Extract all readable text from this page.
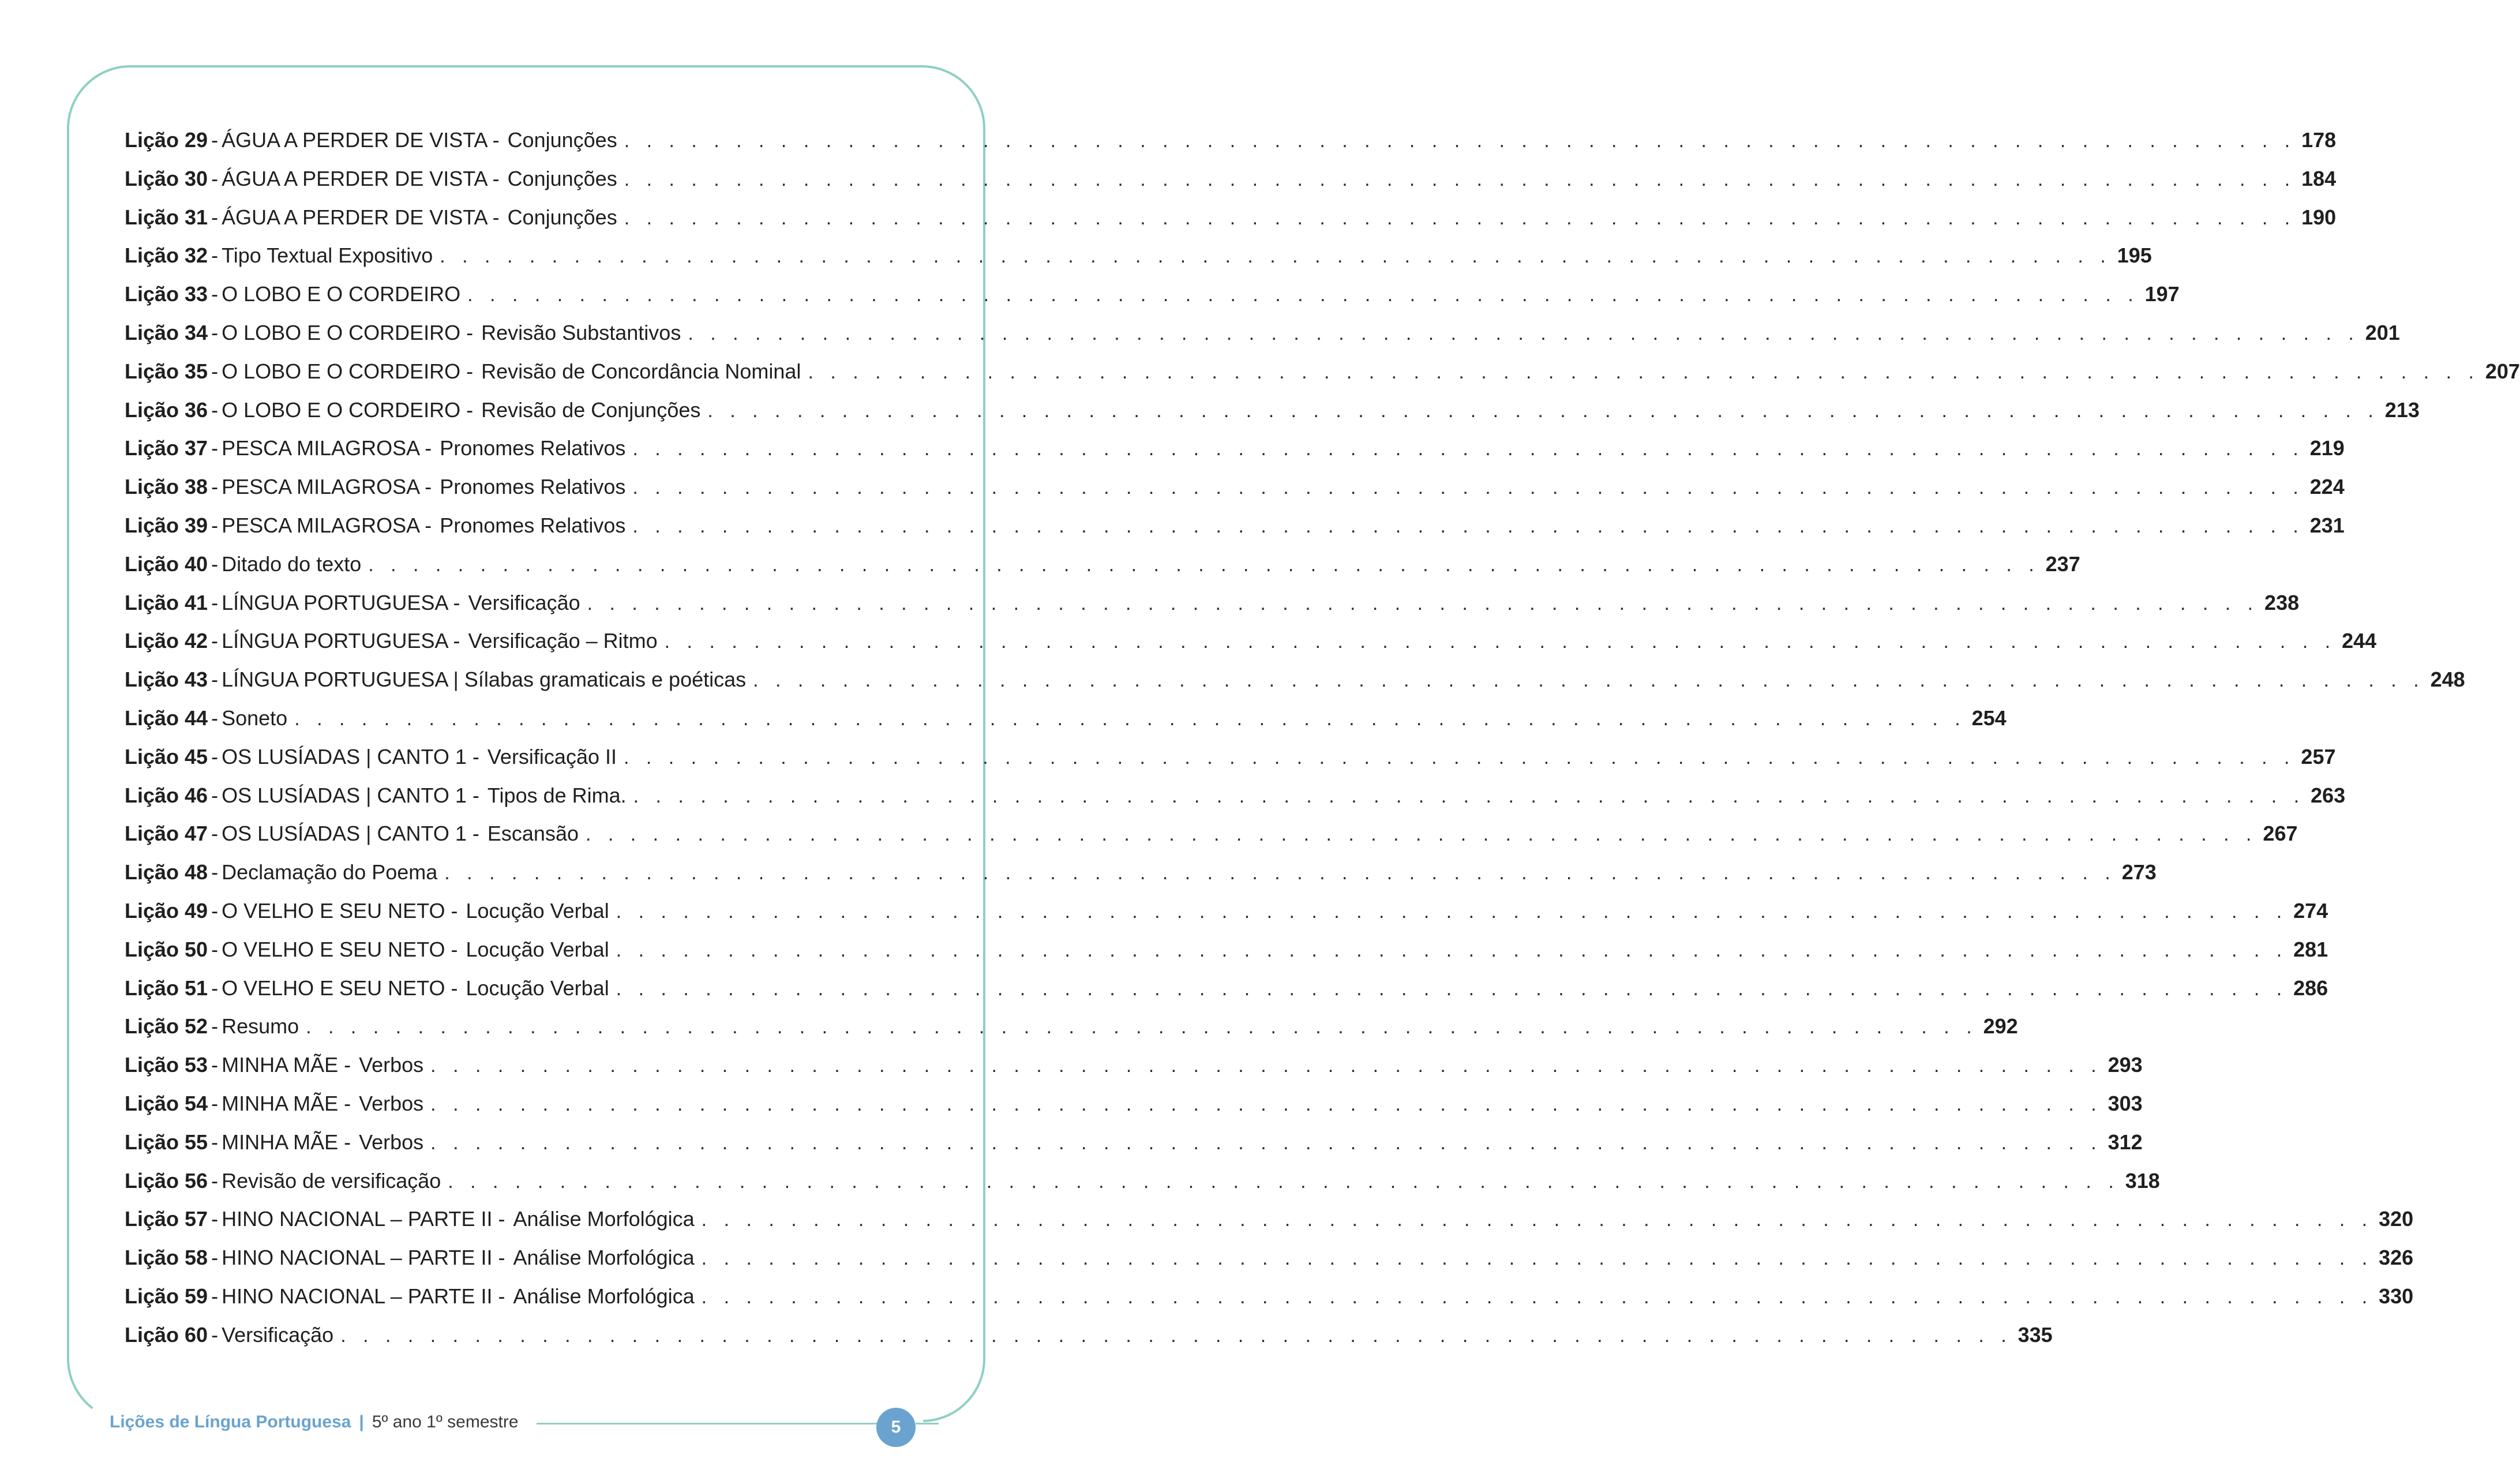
Lição 29 - ÁGUA A PERDER DE VISTA - Conjunções . . . . . . . . . . . . . . . . . . . . . . . . . . . . . . . . . . . . . . . . . . . . . . . . . . . . . . . . . . . . . . . . . . . . . . . . . . . 178
Lição 30 - ÁGUA A PERDER DE VISTA - Conjunções . . . . . . . . . . . . . . . . . . . . . . . . . . . . . . . . . . . . . . . . . . . . . . . . . . . . . . . . . . . . . . . . . . . . . . . . . . . 184
Lição 31 - ÁGUA A PERDER DE VISTA - Conjunções . . . . . . . . . . . . . . . . . . . . . . . . . . . . . . . . . . . . . . . . . . . . . . . . . . . . . . . . . . . . . . . . . . . . . . . . . . . 190
Lição 32 - Tipo Textual Expositivo . . . . . . . . . . . . . . . . . . . . . . . . . . . . . . . . . . . . . . . . . . . . . . . . . . . . . . . . . . . . . . . . . . . . . . . . . . . 195
Lição 33 - O LOBO E O CORDEIRO . . . . . . . . . . . . . . . . . . . . . . . . . . . . . . . . . . . . . . . . . . . . . . . . . . . . . . . . . . . . . . . . . . . . . . . . . . . 197
Lição 34 - O LOBO E O CORDEIRO - Revisão Substantivos . . . . . . . . . . . . . . . . . . . . . . . . . . . . . . . . . . . . . . . . . . . . . . . . . . . . . . . . . . . . . . . . . . . . . . . . . . . 201
Lição 35 - O LOBO E O CORDEIRO - Revisão de Concordância Nominal . . . . . . . . . . . . . . . . . . . . . . . . . . . . . . . . . . . . . . . . . . . . . . . . . . . . . . . . . . . . . . . . . . . . . . . . . . . 207
Lição 36 - O LOBO E O CORDEIRO - Revisão de Conjunções . . . . . . . . . . . . . . . . . . . . . . . . . . . . . . . . . . . . . . . . . . . . . . . . . . . . . . . . . . . . . . . . . . . . . . . . . . . 213
Lição 37 - PESCA MILAGROSA - Pronomes Relativos . . . . . . . . . . . . . . . . . . . . . . . . . . . . . . . . . . . . . . . . . . . . . . . . . . . . . . . . . . . . . . . . . . . . . . . . . . . 219
Lição 38 - PESCA MILAGROSA - Pronomes Relativos . . . . . . . . . . . . . . . . . . . . . . . . . . . . . . . . . . . . . . . . . . . . . . . . . . . . . . . . . . . . . . . . . . . . . . . . . . . 224
Lição 39 - PESCA MILAGROSA - Pronomes Relativos . . . . . . . . . . . . . . . . . . . . . . . . . . . . . . . . . . . . . . . . . . . . . . . . . . . . . . . . . . . . . . . . . . . . . . . . . . . 231
Lição 40 - Ditado do texto . . . . . . . . . . . . . . . . . . . . . . . . . . . . . . . . . . . . . . . . . . . . . . . . . . . . . . . . . . . . . . . . . . . . . . . . . . . 237
Lição 41 - LÍNGUA PORTUGUESA - Versificação . . . . . . . . . . . . . . . . . . . . . . . . . . . . . . . . . . . . . . . . . . . . . . . . . . . . . . . . . . . . . . . . . . . . . . . . . . . 238
Lição 42 - LÍNGUA PORTUGUESA - Versificação – Ritmo . . . . . . . . . . . . . . . . . . . . . . . . . . . . . . . . . . . . . . . . . . . . . . . . . . . . . . . . . . . . . . . . . . . . . . . . . . . 244
Lição 43 - LÍNGUA PORTUGUESA | Sílabas gramaticais e poéticas . . . . . . . . . . . . . . . . . . . . . . . . . . . . . . . . . . . . . . . . . . . . . . . . . . . . . . . . . . . . . . . . . . . . . . . . . . . 248
Lição 44 - Soneto . . . . . . . . . . . . . . . . . . . . . . . . . . . . . . . . . . . . . . . . . . . . . . . . . . . . . . . . . . . . . . . . . . . . . . . . . . . 254
Lição 45 - OS LUSÍADAS | CANTO 1 - Versificação II . . . . . . . . . . . . . . . . . . . . . . . . . . . . . . . . . . . . . . . . . . . . . . . . . . . . . . . . . . . . . . . . . . . . . . . . . . . 257
Lição 46 - OS LUSÍADAS | CANTO 1 - Tipos de Rima. . . . . . . . . . . . . . . . . . . . . . . . . . . . . . . . . . . . . . . . . . . . . . . . . . . . . . . . . . . . . . . . . . . . . . . . . . . . 263
Lição 47 - OS LUSÍADAS | CANTO 1 - Escansão . . . . . . . . . . . . . . . . . . . . . . . . . . . . . . . . . . . . . . . . . . . . . . . . . . . . . . . . . . . . . . . . . . . . . . . . . . . 267
Lição 48 - Declamação do Poema . . . . . . . . . . . . . . . . . . . . . . . . . . . . . . . . . . . . . . . . . . . . . . . . . . . . . . . . . . . . . . . . . . . . . . . . . . . 273
Lição 49 - O VELHO E SEU NETO - Locução Verbal . . . . . . . . . . . . . . . . . . . . . . . . . . . . . . . . . . . . . . . . . . . . . . . . . . . . . . . . . . . . . . . . . . . . . . . . . . . 274
Lição 50 - O VELHO E SEU NETO - Locução Verbal . . . . . . . . . . . . . . . . . . . . . . . . . . . . . . . . . . . . . . . . . . . . . . . . . . . . . . . . . . . . . . . . . . . . . . . . . . . 281
Lição 51 - O VELHO E SEU NETO - Locução Verbal . . . . . . . . . . . . . . . . . . . . . . . . . . . . . . . . . . . . . . . . . . . . . . . . . . . . . . . . . . . . . . . . . . . . . . . . . . . 286
Lição 52 - Resumo . . . . . . . . . . . . . . . . . . . . . . . . . . . . . . . . . . . . . . . . . . . . . . . . . . . . . . . . . . . . . . . . . . . . . . . . . . . 292
Lição 53 - MINHA MÃE - Verbos . . . . . . . . . . . . . . . . . . . . . . . . . . . . . . . . . . . . . . . . . . . . . . . . . . . . . . . . . . . . . . . . . . . . . . . . . . . 293
Lição 54 - MINHA MÃE - Verbos . . . . . . . . . . . . . . . . . . . . . . . . . . . . . . . . . . . . . . . . . . . . . . . . . . . . . . . . . . . . . . . . . . . . . . . . . . . 303
Lição 55 - MINHA MÃE - Verbos . . . . . . . . . . . . . . . . . . . . . . . . . . . . . . . . . . . . . . . . . . . . . . . . . . . . . . . . . . . . . . . . . . . . . . . . . . . 312
Lição 56 - Revisão de versificação . . . . . . . . . . . . . . . . . . . . . . . . . . . . . . . . . . . . . . . . . . . . . . . . . . . . . . . . . . . . . . . . . . . . . . . . . . . 318
Lição 57 - HINO NACIONAL – PARTE II - Análise Morfológica . . . . . . . . . . . . . . . . . . . . . . . . . . . . . . . . . . . . . . . . . . . . . . . . . . . . . . . . . . . . . . . . . . . . . . . . . . . 320
Lição 58 - HINO NACIONAL – PARTE II - Análise Morfológica . . . . . . . . . . . . . . . . . . . . . . . . . . . . . . . . . . . . . . . . . . . . . . . . . . . . . . . . . . . . . . . . . . . . . . . . . . . 326
Lição 59 - HINO NACIONAL – PARTE II - Análise Morfológica . . . . . . . . . . . . . . . . . . . . . . . . . . . . . . . . . . . . . . . . . . . . . . . . . . . . . . . . . . . . . . . . . . . . . . . . . . . 330
Lição 60 - Versificação . . . . . . . . . . . . . . . . . . . . . . . . . . . . . . . . . . . . . . . . . . . . . . . . . . . . . . . . . . . . . . . . . . . . . . . . . . . 335
Lições de Língua Portuguesa | 5º ano 1º semestre	5
